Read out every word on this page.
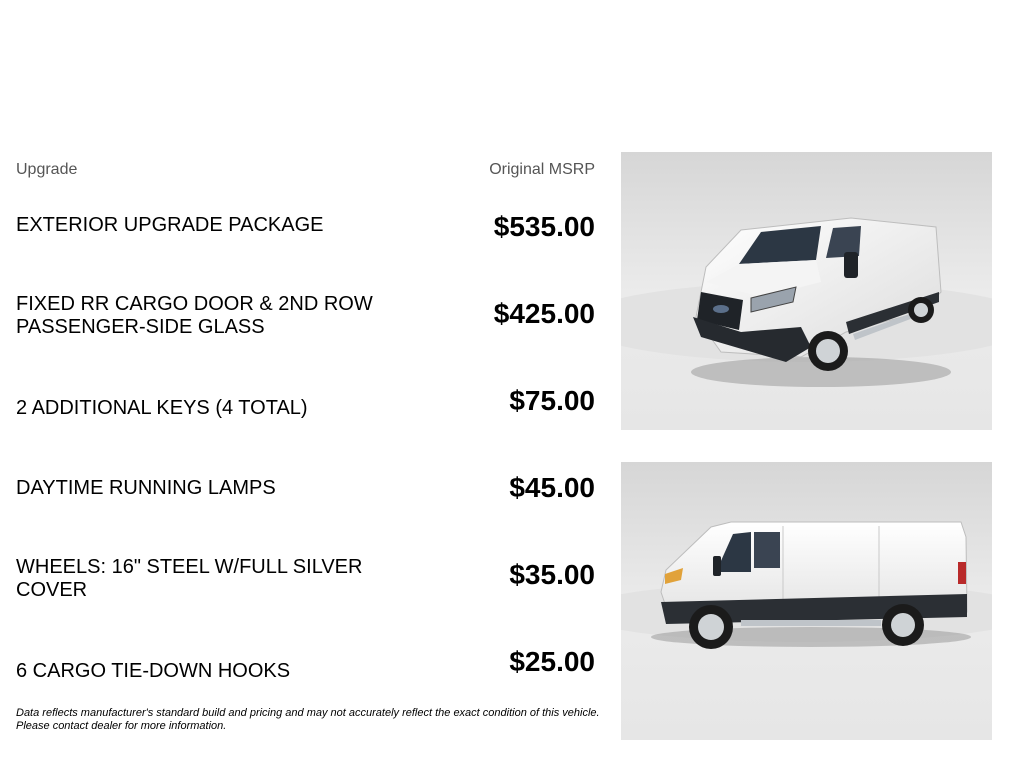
Upgrade	Original MSRP
EXTERIOR UPGRADE PACKAGE	$535.00
FIXED RR CARGO DOOR & 2ND ROW PASSENGER-SIDE GLASS	$425.00
2 ADDITIONAL KEYS (4 TOTAL)	$75.00
DAYTIME RUNNING LAMPS	$45.00
WHEELS: 16" STEEL W/FULL SILVER COVER	$35.00
6 CARGO TIE-DOWN HOOKS	$25.00
Data reflects manufacturer's standard build and pricing and may not accurately reflect the exact condition of this vehicle. Please contact dealer for more information.
